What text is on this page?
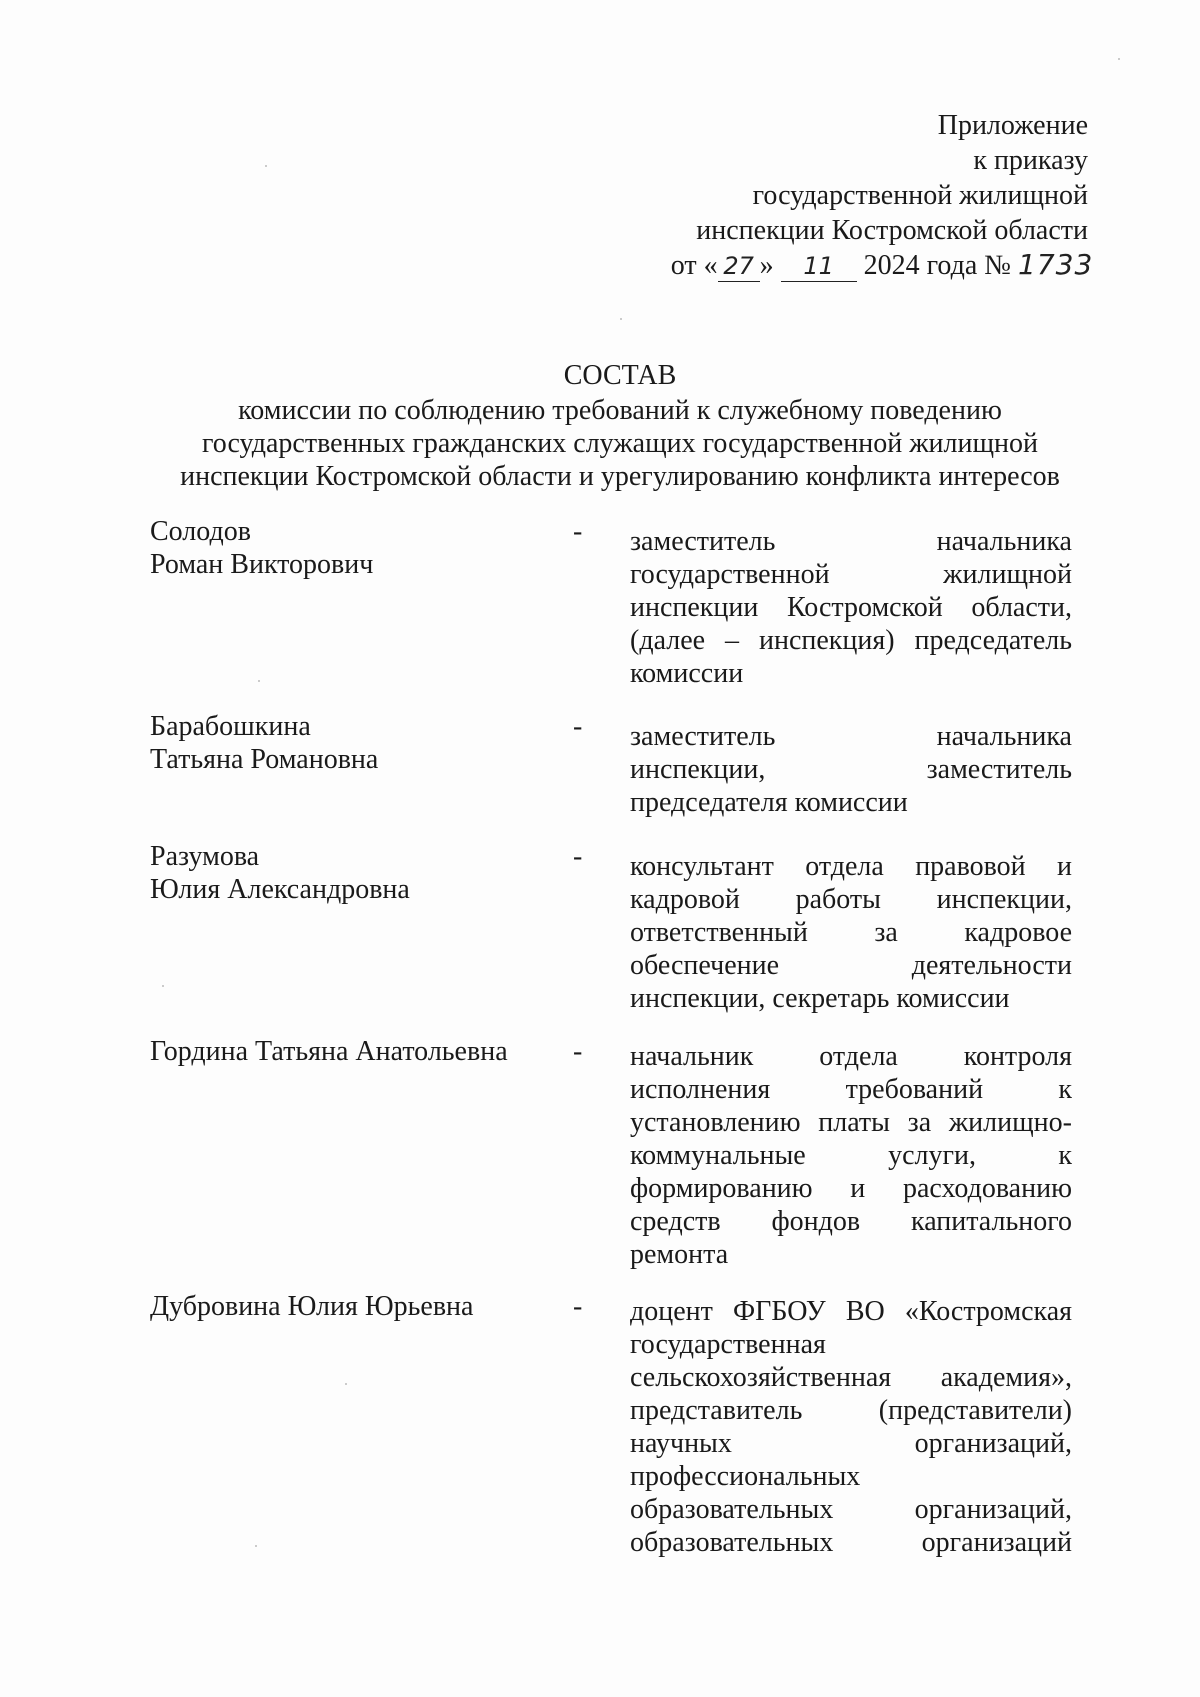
Приложение
к приказу
государственной жилищной
инспекции Костромской области
от « 27 » 11 2024 года № 1733
СОСТАВ
комиссии по соблюдению требований к служебному поведению
государственных гражданских служащих государственной жилищной
инспекции Костромской области и урегулированию конфликта интересов
Солодов
Роман Викторович
- заместитель начальника
государственной жилищной
инспекции Костромской области,
(далее – инспекция) председатель
комиссии
Барабошкина
Татьяна Романовна
- заместитель начальника
инспекции, заместитель
председателя комиссии
Разумова
Юлия Александровна
- консультант отдела правовой и
кадровой работы инспекции,
ответственный за кадровое
обеспечение деятельности
инспекции, секретарь комиссии
Гордина Татьяна Анатольевна	- начальник отдела контроля
исполнения требований к
установлению платы за жилищно-
коммунальные услуги, к
формированию и расходованию
средств фондов капитального
ремонта
Дубровина Юлия Юрьевна	- доцент ФГБОУ ВО «Костромская
государственная
сельскохозяйственная академия»,
представитель (представители)
научных организаций,
профессиональных
образовательных организаций,
образовательных организаций
